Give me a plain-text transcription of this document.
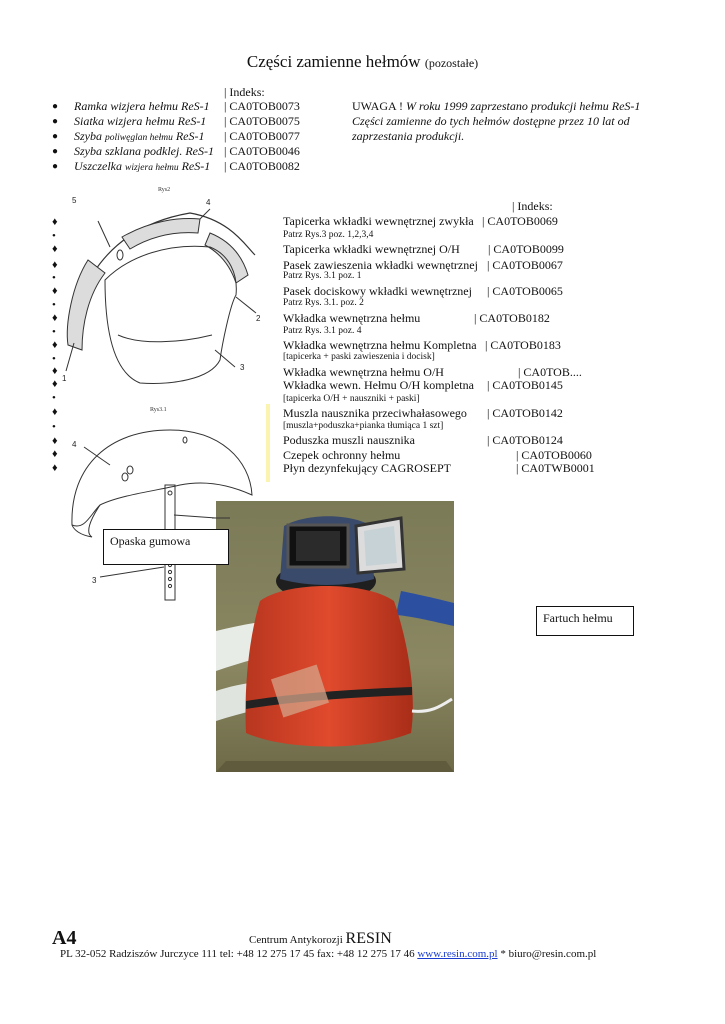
Części zamienne hełmów (pozostałe)
| Indeks:
● Ramka wizjera hełmu ReS-1 | CA0TOB0073
● Siatka wizjera hełmu ReS-1 | CA0TOB0075
● Szyba poliwęglan hełmu ReS-1 | CA0TOB0077
● Szyba szklana podklej. ReS-1 | CA0TOB0046
● Uszczelka wizjera hełmu ReS-1 | CA0TOB0082
UWAGA ! W roku 1999 zaprzestano produkcji hełmu ReS-1 Części zamienne do tych hełmów dostępne przez 10 lat od zaprzestania produkcji.
Rys2
Rys3.1
5	4
2
3
1
4
3
| Indeks:
Tapicerka wkładki wewnętrznej zwykła | CA0TOB0069
Patrz Rys.3 poz. 1,2,3,4
Tapicerka wkładki wewnętrznej O/H | CA0TOB0099
Pasek zawieszenia wkładki wewnętrznej | CA0TOB0067
Patrz Rys. 3.1 poz. 1
Pasek dociskowy wkładki wewnętrznej | CA0TOB0065
Patrz Rys. 3.1. poz. 2
Wkładka wewnętrzna hełmu	| CA0TOB0182
Patrz Rys. 3.1 poz. 4
Wkładka wewnętrzna hełmu Kompletna | CA0TOB0183
[tapicerka + paski zawieszenia i docisk]
Wkładka wewnętrzna hełmu O/H	| CA0TOB....
Wkładka wewn. Hełmu O/H kompletna | CA0TOB0145
[tapicerka O/H + nauszniki + paski]
Muszla nausznika przeciwhałasowego | CA0TOB0142
[muszla+poduszka+pianka tłumiąca 1 szt]
Poduszka muszli nausznika	| CA0TOB0124
Czepek ochronny hełmu	| CA0TOB0060
Płyn dezynfekujący CAGROSEPT	| CA0TWB0001
♦
•
♦
♦
•
♦
•
♦
•
♦
•
♦
♦
•
♦
•
♦
♦
♦
Opaska gumowa
Fartuch hełmu
A4	Centrum Antykorozji RESIN
PL 32-052 Radziszów Jurczyce 111 tel: +48 12 275 17 45 fax: +48 12 275 17 46 www.resin.com.pl * biuro@resin.com.pl
